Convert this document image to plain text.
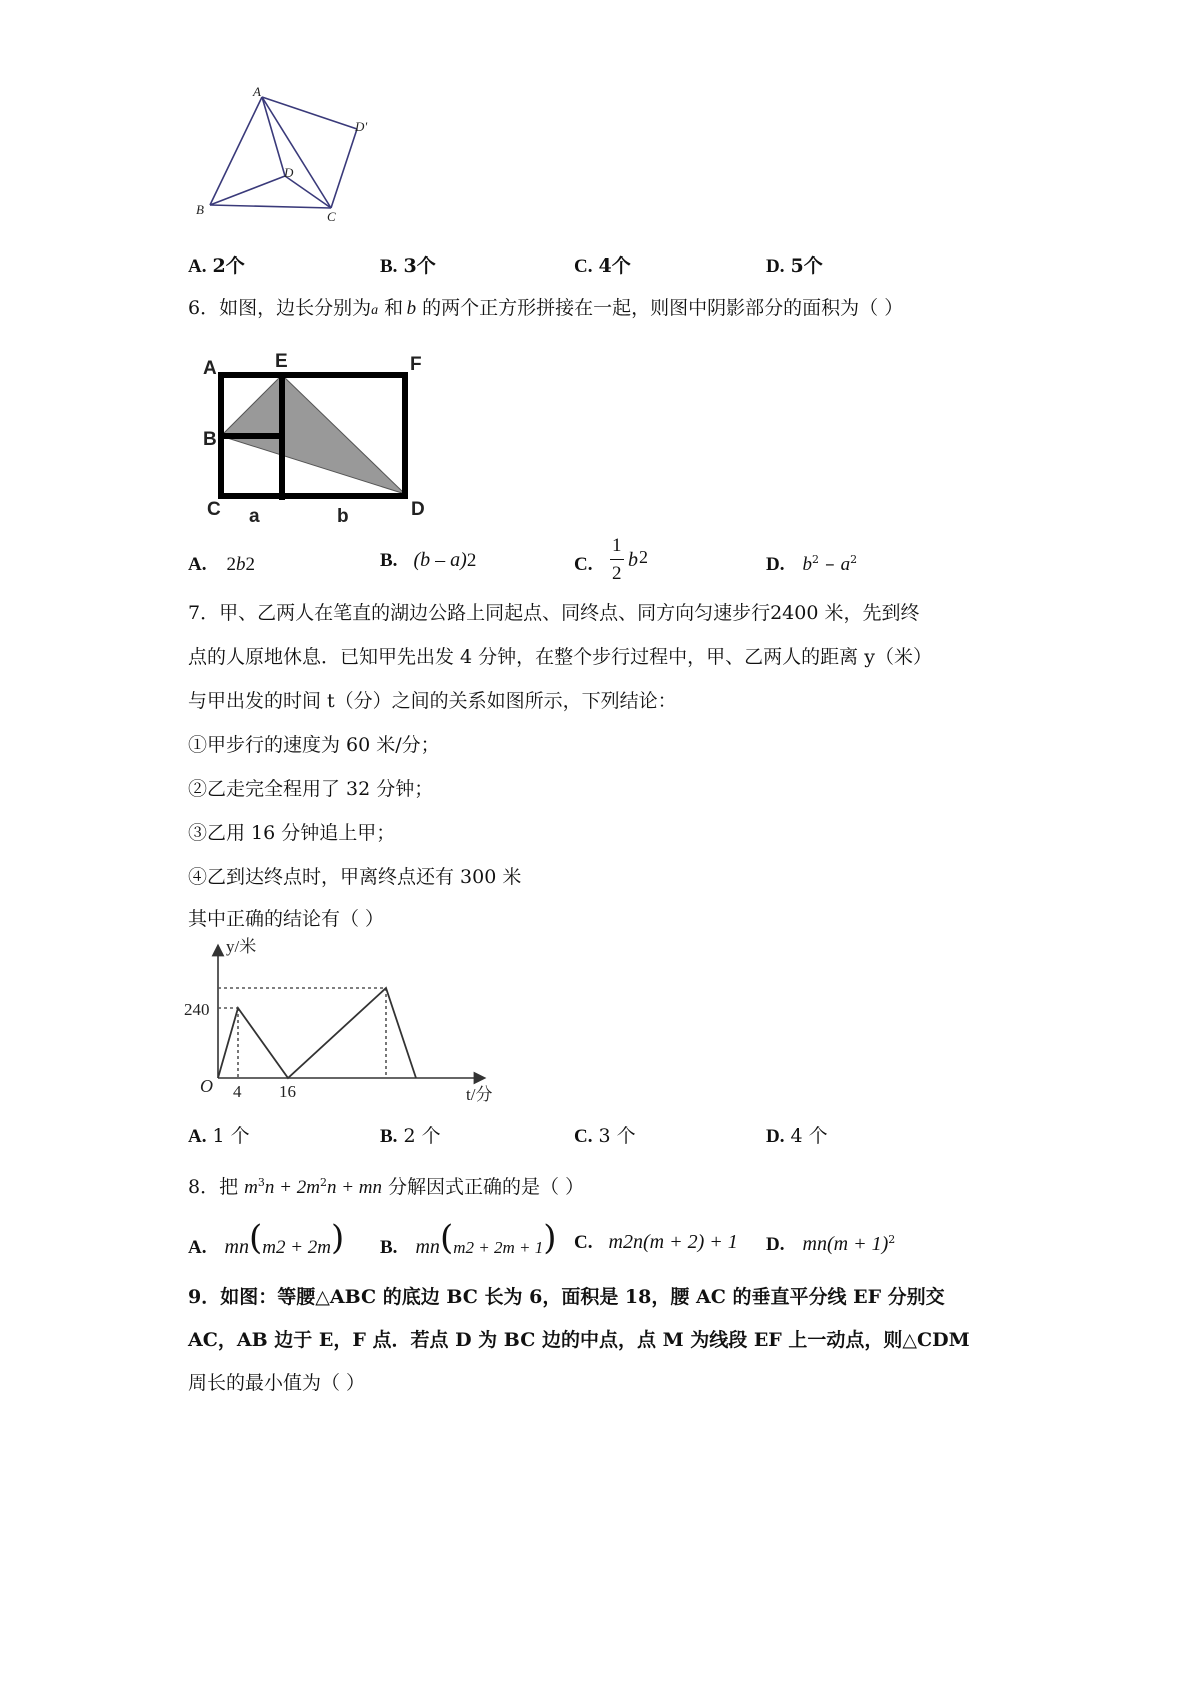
A
B	C
D
D'
A. 2个	B. 3个	C. 4个	D. 5个
6．如图，边长分别为a 和 b 的两个正方形拼接在一起，则图中阴影部分的面积为（ ）
A	E	F
B
C	D
a	b
A. 2b2	B. (b – a)2	C.
1
2
b 2	D. $b^2 - a^2$
7．甲、乙两人在笔直的湖边公路上同起点、同终点、同方向匀速步行2400 米，先到终
点的人原地休息．已知甲先出发 4 分钟，在整个步行过程中，甲、乙两人的距离 y（米）
与甲出发的时间 t（分）之间的关系如图所示，下列结论：
①甲步行的速度为 60 米/分；
②乙走完全程用了 32 分钟；
③乙用 16 分钟追上甲；
④乙到达终点时，甲离终点还有 300 米
其中正确的结论有（ ）
O
240
4 16
y/米
t/分
A. 1 个	B. 2 个	C. 3 个	D. 4 个
8．把 $m^3n + 2m^2n$ + mn 分解因式正确的是（ ）
A. mn(m2 + 2m) B. mn(m2 + 2m + 1) C. m2n(m + 2) + 1 D. $mn(m + 1)^2$
9．如图：等腰△ABC 的底边 BC 长为 6，面积是 18，腰 AC 的垂直平分线 EF 分别交
AC，AB 边于 E，F 点．若点 D 为 BC 边的中点，点 M 为线段 EF 上一动点，则△CDM
周长的最小值为（ ）
